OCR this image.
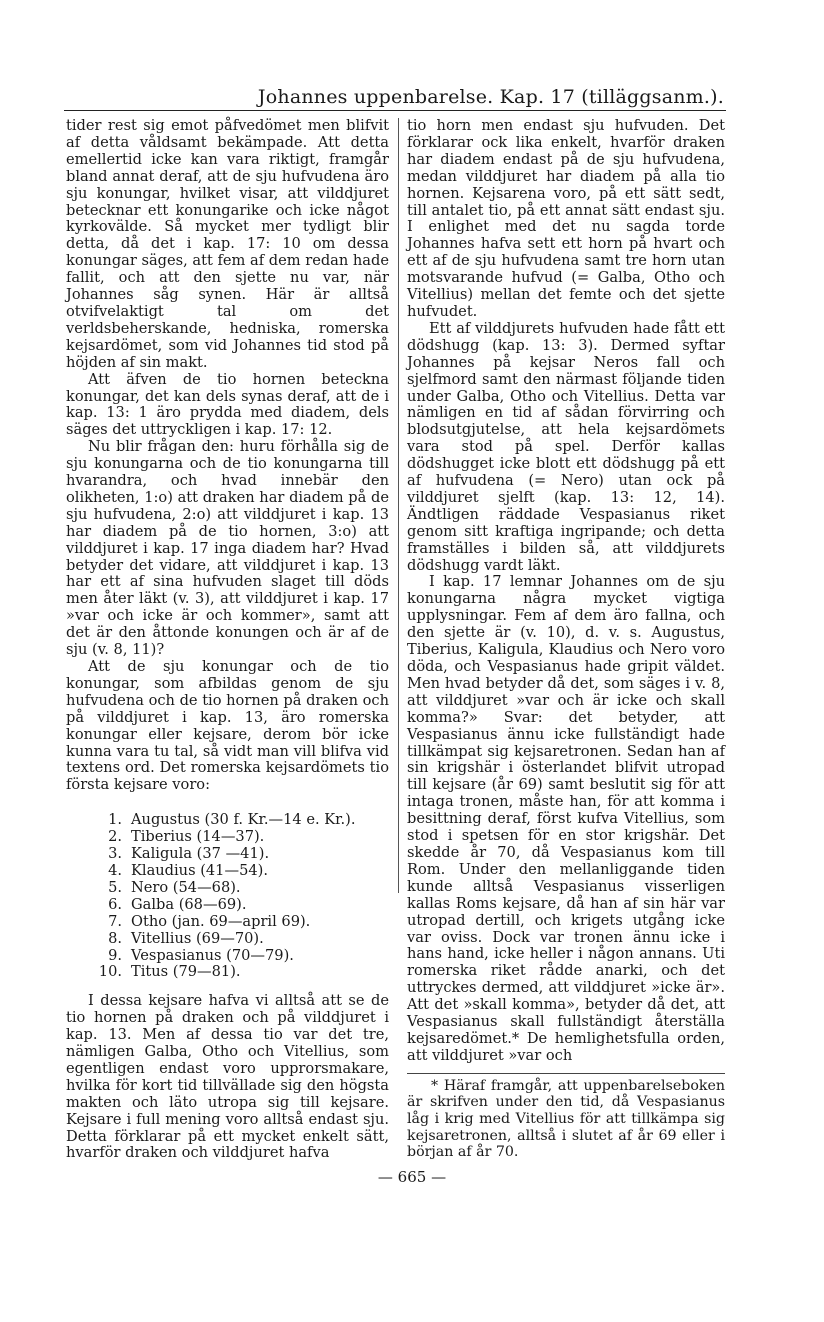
Johannes uppenbarelse. Kap. 17 (tilläggsanm.).

tider rest sig emot påfvedömet men blifvit af detta våldsamt bekämpade. Att detta emellertid icke kan vara riktigt, framgår bland annat deraf, att de sju hufvudena äro sju konungar, hvilket visar, att vilddjuret betecknar ett konungarike och icke något kyrkovälde. Så mycket mer tydligt blir detta, då det i kap. 17: 10 om dessa konungar säges, att fem af dem redan hade fallit, och att den sjette nu var, när Johannes såg synen. Här är alltså otvifvelaktigt tal om det verldsbeherskande, hedniska, romerska kejsardömet, som vid Johannes tid stod på höjden af sin makt.

Att äfven de tio hornen beteckna konungar, det kan dels synas deraf, att de i kap. 13: 1 äro prydda med diadem, dels säges det uttryckligen i kap. 17: 12.

Nu blir frågan den: huru förhålla sig de sju konungarna och de tio konungarna till hvarandra, och hvad innebär den olikheten, 1:o) att draken har diadem på de sju hufvudena, 2:o) att vilddjuret i kap. 13 har diadem på de tio hornen, 3:o) att vilddjuret i kap. 17 inga diadem har? Hvad betyder det vidare, att vilddjuret i kap. 13 har ett af sina hufvuden slaget till döds men åter läkt (v. 3), att vilddjuret i kap. 17 »var och icke är och kommer», samt att det är den åttonde konungen och är af de sju (v. 8, 11)?

Att de sju konungar och de tio konungar, som afbildas genom de sju hufvudena och de tio hornen på draken och på vilddjuret i kap. 13, äro romerska konungar eller kejsare, derom bör icke kunna vara tu tal, så vidt man vill blifva vid textens ord. Det romerska kejsardömets tio första kejsare voro:

1. Augustus (30 f. Kr.—14 e. Kr.).
2. Tiberius (14—37).
3. Kaligula (37 —41).
4. Klaudius (41—54).
5. Nero (54—68).
6. Galba (68—69).
7. Otho (jan. 69—april 69).
8. Vitellius (69—70).
9. Vespasianus (70—79).
10. Titus (79—81).

I dessa kejsare hafva vi alltså att se de tio hornen på draken och på vilddjuret i kap. 13. Men af dessa tio var det tre, nämligen Galba, Otho och Vitellius, som egentligen endast voro upprorsmakare, hvilka för kort tid tillvällade sig den högsta makten och läto utropa sig till kejsare. Kejsare i full mening voro alltså endast sju. Detta förklarar på ett mycket enkelt sätt, hvarför draken och vilddjuret hafva

tio horn men endast sju hufvuden. Det förklarar ock lika enkelt, hvarför draken har diadem endast på de sju hufvudena, medan vilddjuret har diadem på alla tio hornen. Kejsarena voro, på ett sätt sedt, till antalet tio, på ett annat sätt endast sju. I enlighet med det nu sagda torde Johannes hafva sett ett horn på hvart och ett af de sju hufvudena samt tre horn utan motsvarande hufvud (= Galba, Otho och Vitellius) mellan det femte och det sjette hufvudet.

Ett af vilddjurets hufvuden hade fått ett dödshugg (kap. 13: 3). Dermed syftar Johannes på kejsar Neros fall och sjelfmord samt den närmast följande tiden under Galba, Otho och Vitellius. Detta var nämligen en tid af sådan förvirring och blodsutgjutelse, att hela kejsardömets vara stod på spel. Derför kallas dödshugget icke blott ett dödshugg på ett af hufvudena (= Nero) utan ock på vilddjuret sjelft (kap. 13: 12, 14). Ändtligen räddade Vespasianus riket genom sitt kraftiga ingripande; och detta framställes i bilden så, att vilddjurets dödshugg vardt läkt.

I kap. 17 lemnar Johannes om de sju konungarna några mycket vigtiga upplysningar. Fem af dem äro fallna, och den sjette är (v. 10), d. v. s. Augustus, Tiberius, Kaligula, Klaudius och Nero voro döda, och Vespasianus hade gripit väldet. Men hvad betyder då det, som säges i v. 8, att vilddjuret »var och är icke och skall komma?» Svar: det betyder, att Vespasianus ännu icke fullständigt hade tillkämpat sig kejsaretronen. Sedan han af sin krigshär i österlandet blifvit utropad till kejsare (år 69) samt beslutit sig för att intaga tronen, måste han, för att komma i besittning deraf, först kufva Vitellius, som stod i spetsen för en stor krigshär. Det skedde år 70, då Vespasianus kom till Rom. Under den mellanliggande tiden kunde alltså Vespasianus visserligen kallas Roms kejsare, då han af sin här var utropad dertill, och krigets utgång icke var oviss. Dock var tronen ännu icke i hans hand, icke heller i någon annans. Uti romerska riket rådde anarki, och det uttryckes dermed, att vilddjuret »icke är». Att det »skall komma», betyder då det, att Vespasianus skall fullständigt återställa kejsaredömet.* De hemlighetsfulla orden, att vilddjuret »var och

* Häraf framgår, att uppenbarelseboken är skrifven under den tid, då Vespasianus låg i krig med Vitellius för att tillkämpa sig kejsaretronen, alltså i slutet af år 69 eller i början af år 70.

— 665 —
